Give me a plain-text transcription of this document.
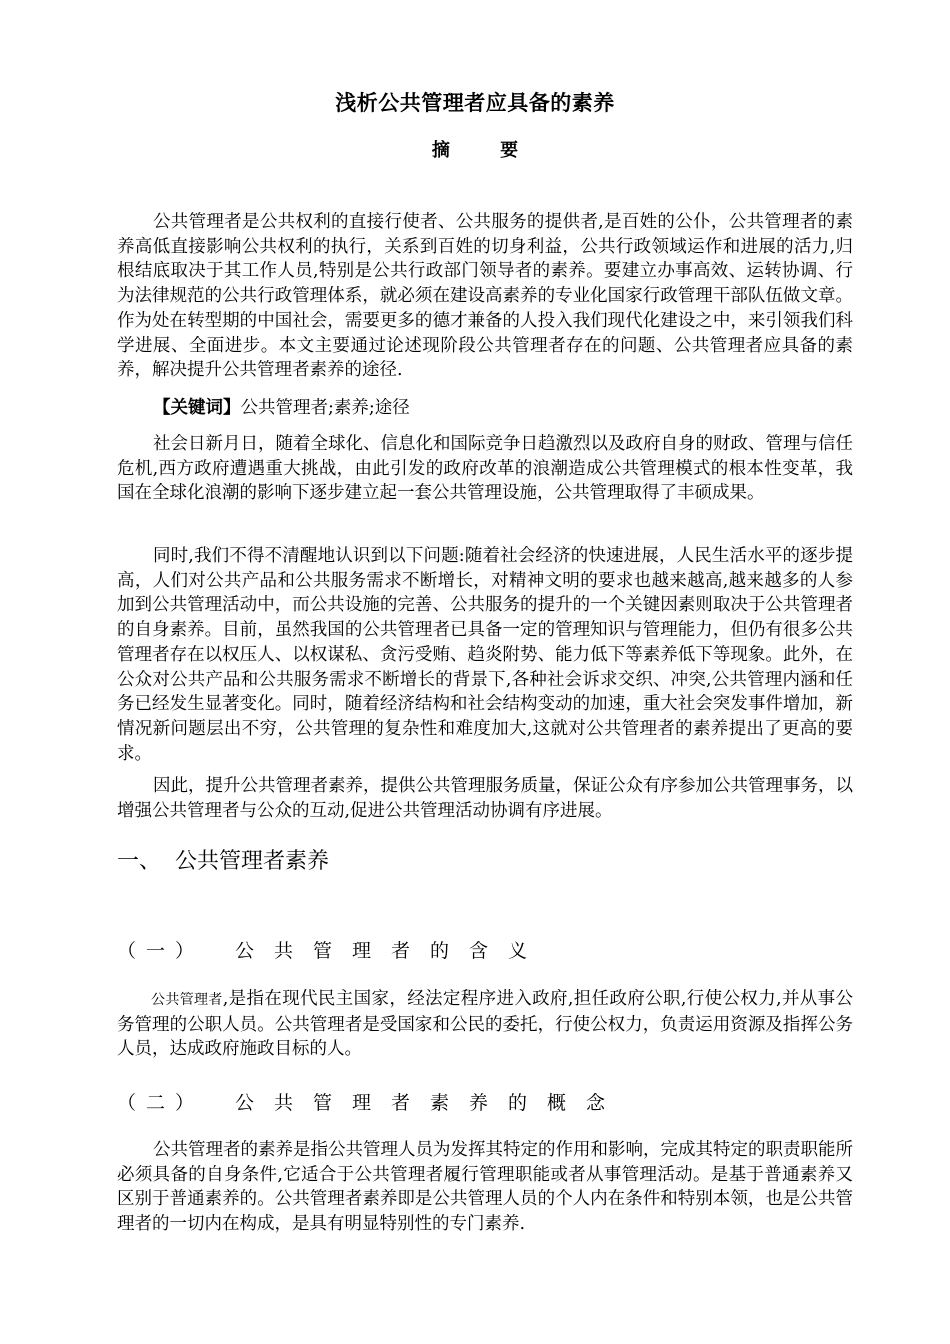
浅析公共管理者应具备的素养
摘 要

公共管理者是公共权利的直接行使者、公共服务的提供者,是百姓的公仆，公共管理者的素养高低直接影响公共权利的执行，关系到百姓的切身利益，公共行政领域运作和进展的活力,归根结底取决于其工作人员,特别是公共行政部门领导者的素养。要建立办事高效、运转协调、行为法律规范的公共行政管理体系，就必须在建设高素养的专业化国家行政管理干部队伍做文章。作为处在转型期的中国社会，需要更多的德才兼备的人投入我们现代化建设之中，来引领我们科学进展、全面进步。本文主要通过论述现阶段公共管理者存在的问题、公共管理者应具备的素养，解决提升公共管理者素养的途径.

【关键词】公共管理者;素养;途径

社会日新月日，随着全球化、信息化和国际竞争日趋激烈以及政府自身的财政、管理与信任危机,西方政府遭遇重大挑战，由此引发的政府改革的浪潮造成公共管理模式的根本性变革，我国在全球化浪潮的影响下逐步建立起一套公共管理设施，公共管理取得了丰硕成果。

同时,我们不得不清醒地认识到以下问题:随着社会经济的快速进展，人民生活水平的逐步提高，人们对公共产品和公共服务需求不断增长，对精神文明的要求也越来越高,越来越多的人参加到公共管理活动中，而公共设施的完善、公共服务的提升的一个关键因素则取决于公共管理者的自身素养。目前，虽然我国的公共管理者已具备一定的管理知识与管理能力，但仍有很多公共管理者存在以权压人、以权谋私、贪污受贿、趋炎附势、能力低下等素养低下等现象。此外，在公众对公共产品和公共服务需求不断增长的背景下,各种社会诉求交织、冲突,公共管理内涵和任务已经发生显著变化。同时，随着经济结构和社会结构变动的加速，重大社会突发事件增加，新情况新问题层出不穷，公共管理的复杂性和难度加大,这就对公共管理者的素养提出了更高的要求。

因此，提升公共管理者素养，提供公共管理服务质量，保证公众有序参加公共管理事务，以增强公共管理者与公众的互动,促进公共管理活动协调有序进展。

一、  公共管理者素养
（一） 公共管理者的含义

公共管理者,是指在现代民主国家，经法定程序进入政府,担任政府公职,行使公权力,并从事公务管理的公职人员。公共管理者是受国家和公民的委托，行使公权力，负责运用资源及指挥公务人员，达成政府施政目标的人。

（二） 公共管理者素养的概念

公共管理者的素养是指公共管理人员为发挥其特定的作用和影响，完成其特定的职责职能所必须具备的自身条件,它适合于公共管理者履行管理职能或者从事管理活动。是基于普通素养又区别于普通素养的。公共管理者素养即是公共管理人员的个人内在条件和特别本领，也是公共管理者的一切内在构成，是具有明显特别性的专门素养.
